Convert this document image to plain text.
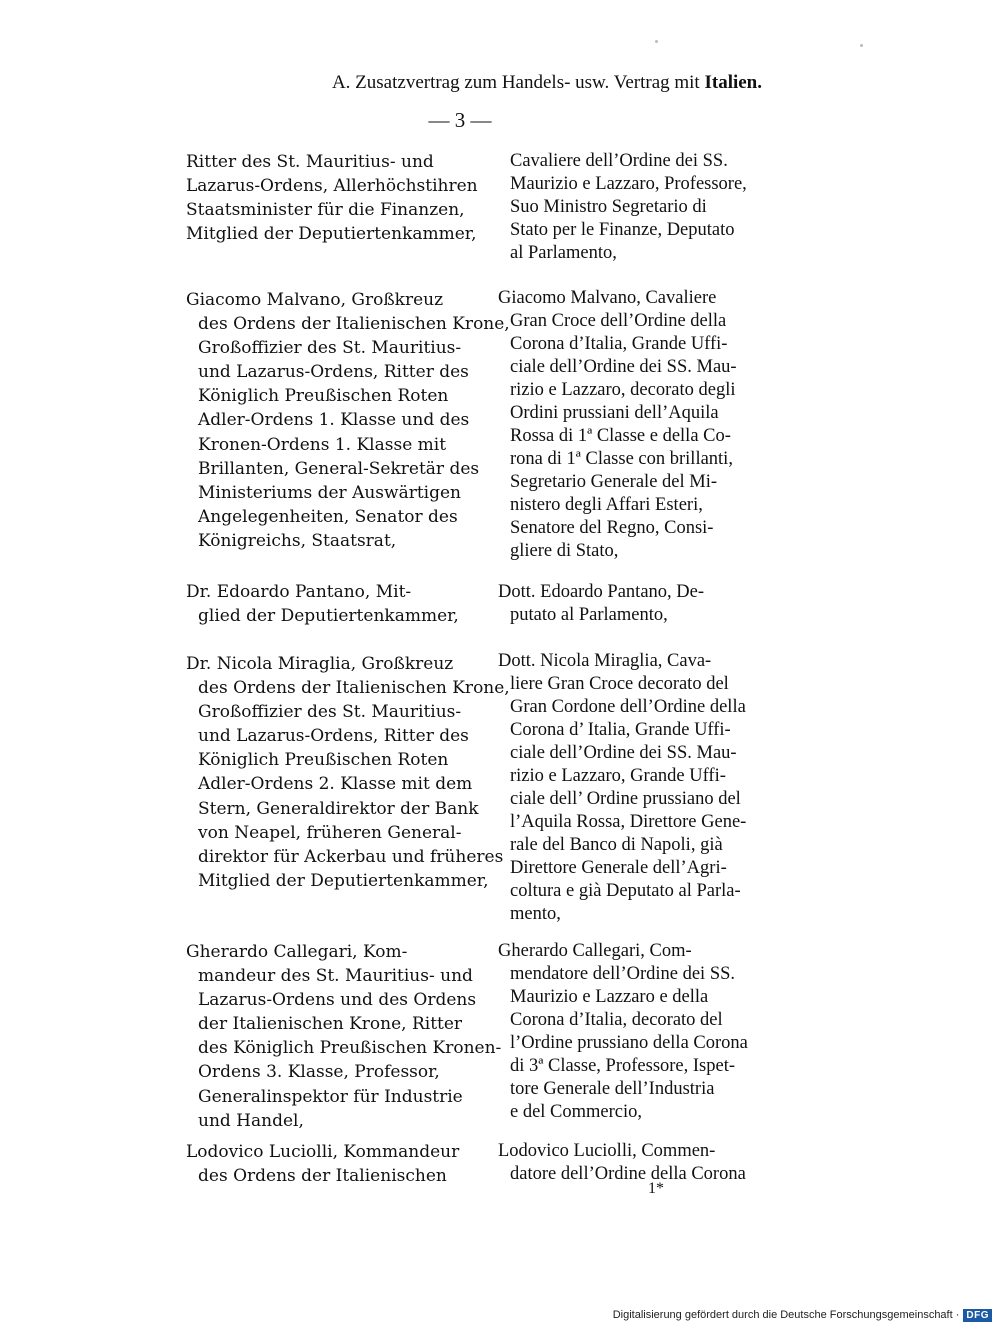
A. Zusatzvertrag zum Handels- usw. Vertrag mit Italien.
— 3 —
Ritter des St. Mauritius- und
Lazarus-Ordens, Allerhöchstihren
Staatsminister für die Finanzen,
Mitglied der Deputiertenkammer,
Giacomo Malvano, Großkreuz
des Ordens der Italienischen Krone,
Großoffizier des St. Mauritius-
und Lazarus-Ordens, Ritter des
Königlich Preußischen Roten
Adler-Ordens 1. Klasse und des
Kronen-Ordens 1. Klasse mit
Brillanten, General-Sekretär des
Ministeriums der Auswärtigen
Angelegenheiten, Senator des
Königreichs, Staatsrat,
Dr. Edoardo Pantano, Mit-
glied der Deputiertenkammer,
Dr. Nicola Miraglia, Großkreuz
des Ordens der Italienischen Krone,
Großoffizier des St. Mauritius-
und Lazarus-Ordens, Ritter des
Königlich Preußischen Roten
Adler-Ordens 2. Klasse mit dem
Stern, Generaldirektor der Bank
von Neapel, früheren General-
direktor für Ackerbau und früheres
Mitglied der Deputiertenkammer,
Gherardo Callegari, Kom-
mandeur des St. Mauritius- und
Lazarus-Ordens und des Ordens
der Italienischen Krone, Ritter
des Königlich Preußischen Kronen-
Ordens 3. Klasse, Professor,
Generalinspektor für Industrie
und Handel,
Lodovico Luciolli, Kommandeur
des Ordens der Italienischen
Cavaliere dell’Ordine dei SS.
Maurizio e Lazzaro, Professore,
Suo Ministro Segretario di
Stato per le Finanze, Deputato
al Parlamento,
Giacomo Malvano, Cavaliere
Gran Croce dell’Ordine della
Corona d’Italia, Grande Uffi-
ciale dell’Ordine dei SS. Mau-
rizio e Lazzaro, decorato degli
Ordini prussiani dell’Aquila
Rossa di 1ª Classe e della Co-
rona di 1ª Classe con brillanti,
Segretario Generale del Mi-
nistero degli Affari Esteri,
Senatore del Regno, Consi-
gliere di Stato,
Dott. Edoardo Pantano, De-
putato al Parlamento,
Dott. Nicola Miraglia, Cava-
liere Gran Croce decorato del
Gran Cordone dell’Ordine della
Corona d’ Italia, Grande Uffi-
ciale dell’Ordine dei SS. Mau-
rizio e Lazzaro, Grande Uffi-
ciale dell’ Ordine prussiano del
l’Aquila Rossa, Direttore Gene-
rale del Banco di Napoli, già
Direttore Generale dell’Agri-
coltura e già Deputato al Parla-
mento,
Gherardo Callegari, Com-
mendatore dell’Ordine dei SS.
Maurizio e Lazzaro e della
Corona d’Italia, decorato del
l’Ordine prussiano della Corona
di 3ª Classe, Professore, Ispet-
tore Generale dell’Industria
e del Commercio,
Lodovico Luciolli, Commen-
datore dell’Ordine della Corona
1*
Digitalisierung gefördert durch die Deutsche Forschungsgemeinschaft · DFG
